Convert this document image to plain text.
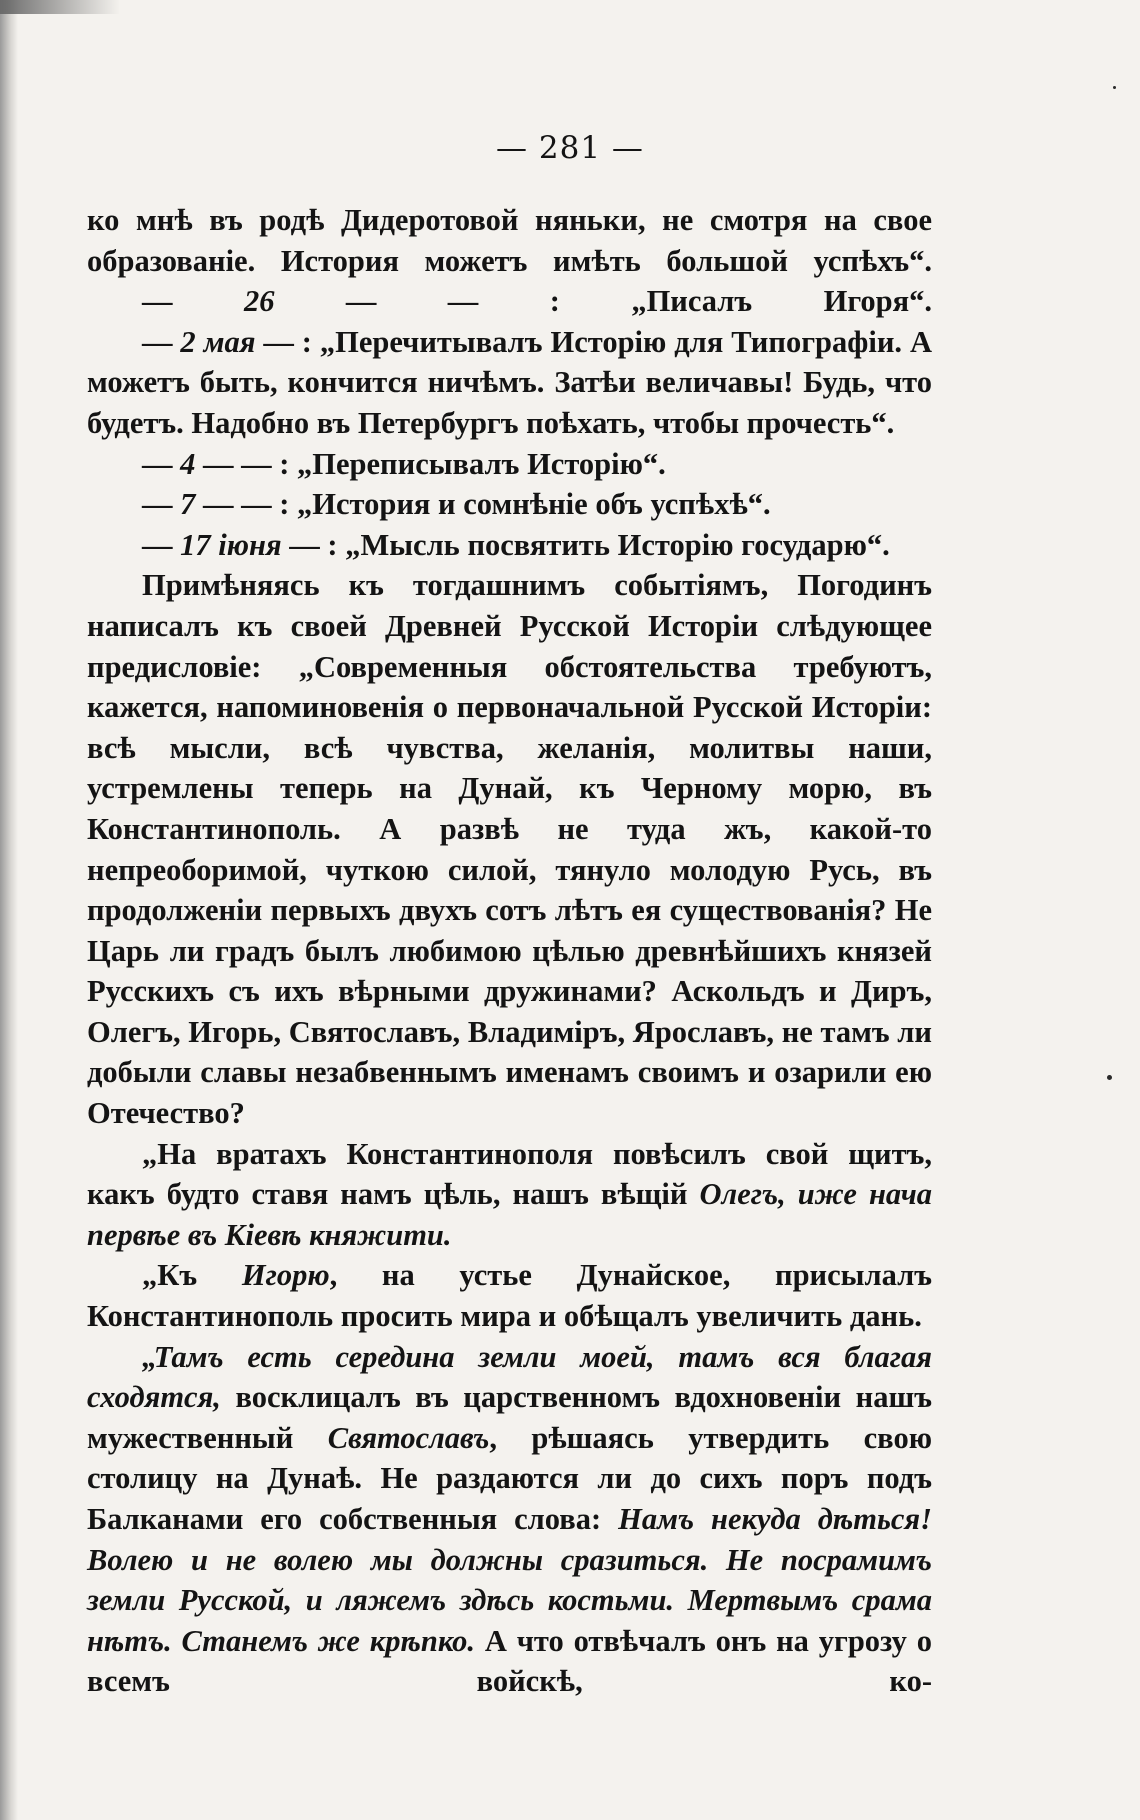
— 281 —

ко мнѣ въ родѣ Дидеротовой няньки, не смотря на свое образованіе. История можетъ имѣть большой успѣхъ“.

— 26 — — : „Писалъ Игоря“.

— 2 мая — : „Перечитывалъ Исторію для Типографіи. А можетъ быть, кончится ничѣмъ. Затѣи величавы! Будь, что будетъ. Надобно въ Петербургъ поѣхать, чтобы прочесть“.

— 4 — — : „Переписывалъ Исторію“.

— 7 — — : „История и сомнѣніе объ успѣхѣ“.

— 17 іюня — : „Мысль посвятить Исторію государю“.

Примѣняясь къ тогдашнимъ событіямъ, Погодинъ написалъ къ своей Древней Русской Исторіи слѣдующее предисловіе: „Современныя обстоятельства требуютъ, кажется, напоминовенія о первоначальной Русской Исторіи: всѣ мысли, всѣ чувства, желанія, молитвы наши, устремлены теперь на Дунай, къ Черному морю, въ Константинополь. А развѣ не туда жъ, какой-то непреоборимой, чуткою силой, тянуло молодую Русь, въ продолженіи первыхъ двухъ сотъ лѣтъ ея существованія? Не Царь ли градъ былъ любимою цѣлью древнѣйшихъ князей Русскихъ съ ихъ вѣрными дружинами? Аскольдъ и Диръ, Олегъ, Игорь, Святославъ, Владиміръ, Ярославъ, не тамъ ли добыли славы незабвеннымъ именамъ своимъ и озарили ею Отечество?

„На вратахъ Константинополя повѣсилъ свой щитъ, какъ будто ставя намъ цѣль, нашъ вѣщій Олегъ, иже нача первѣе въ Кіевѣ княжити.

„Къ Игорю, на устье Дунайское, присылалъ Константинополь просить мира и обѣщалъ увеличить дань.

„Тамъ есть середина земли моей, тамъ вся благая сходятся, восклицалъ въ царственномъ вдохновеніи нашъ мужественный Святославъ, рѣшаясь утвердить свою столицу на Дунаѣ. Не раздаются ли до сихъ поръ подъ Балканами его собственныя слова: Намъ некуда дѣться! Волею и не волею мы должны сразиться. Не посрамимъ земли Русской, и ляжемъ здѣсь костьми. Мертвымъ срама нѣтъ. Станемъ же крѣпко. А что отвѣчалъ онъ на угрозу о всемъ войскѣ, ко-
